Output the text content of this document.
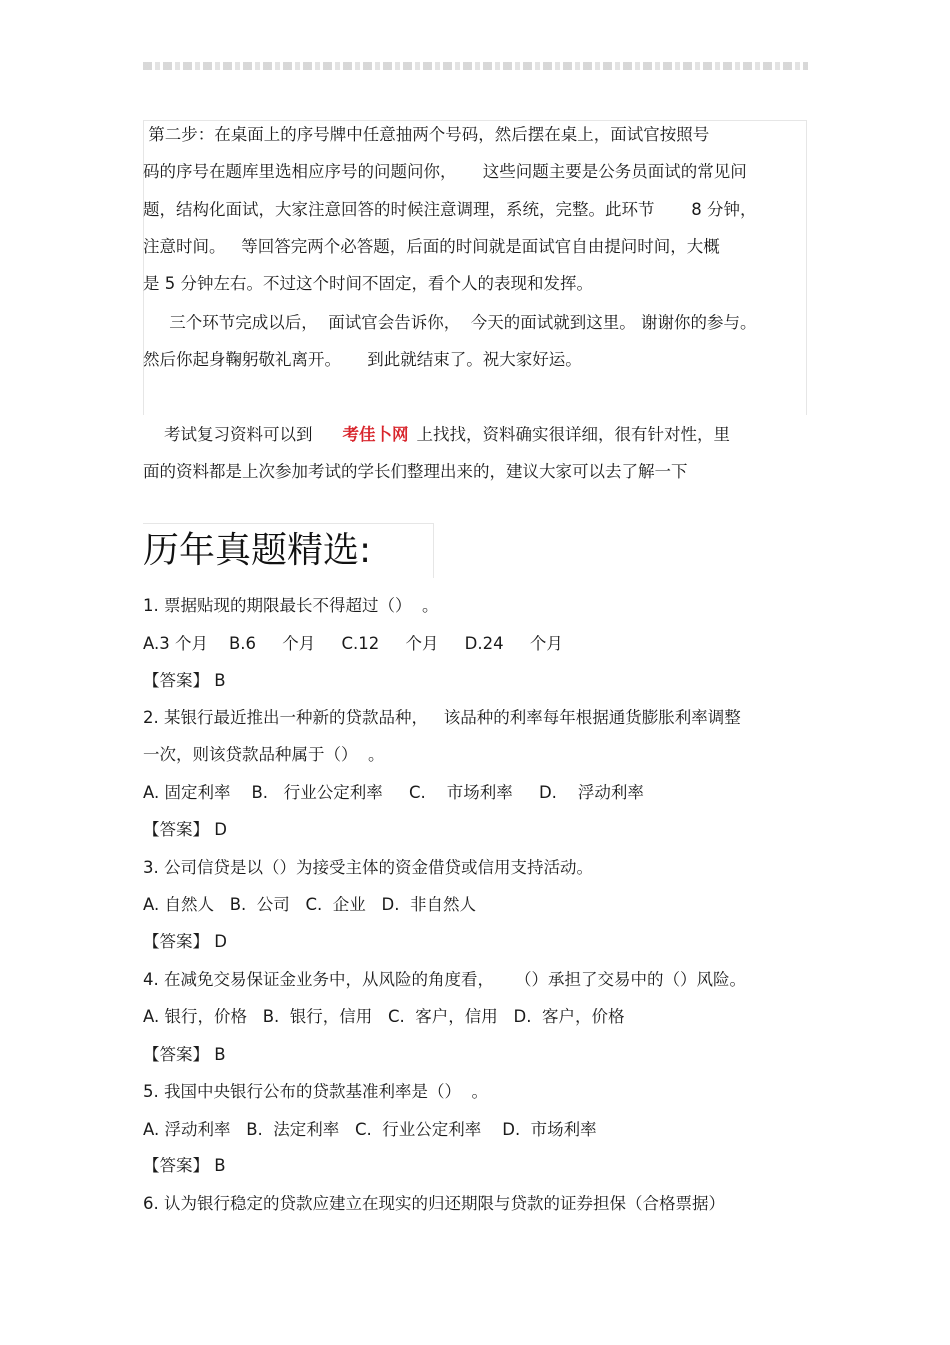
第二步：在桌面上的序号牌中任意抽两个号码，然后摆在桌上，面试官按照号
码的序号在题库里选相应序号的问题问你，     这些问题主要是公务员面试的常见问
题，结构化面试，大家注意回答的时候注意调理，系统，完整。此环节       8 分钟，
注意时间。   等回答完两个必答题，后面的时间就是面试官自由提问时间，大概
是 5 分钟左右。不过这个时间不固定，看个人的表现和发挥。
三个环节完成以后，  面试官会告诉你，  今天的面试就到这里。 谢谢你的参与。
然后你起身鞠躬敬礼离开。     到此就结束了。祝大家好运。
考试复习资料可以到 考佳卜网 上找找，资料确实很详细，很有针对性，里
面的资料都是上次参加考试的学长们整理出来的，建议大家可以去了解一下
历年真题精选:
1. 票据贴现的期限最长不得超过（）  。
A.3 个月    B.6     个月     C.12     个月     D.24     个月
【答案】 B
2. 某银行最近推出一种新的贷款品种，   该品种的利率每年根据通货膨胀利率调整
一次，则该贷款品种属于（）  。
A. 固定利率    B.   行业公定利率     C.    市场利率     D.    浮动利率
【答案】 D
3. 公司信贷是以（）为接受主体的资金借贷或信用支持活动。
A. 自然人   B.  公司   C.  企业   D.  非自然人
【答案】 D
4. 在减免交易保证金业务中，从风险的角度看，    （）承担了交易中的（）风险。
A. 银行，价格   B.  银行，信用   C.  客户，信用   D.  客户，价格
【答案】 B
5. 我国中央银行公布的贷款基准利率是（）  。
A. 浮动利率   B.  法定利率   C.  行业公定利率    D.  市场利率
【答案】 B
6. 认为银行稳定的贷款应建立在现实的归还期限与贷款的证券担保（合格票据）
